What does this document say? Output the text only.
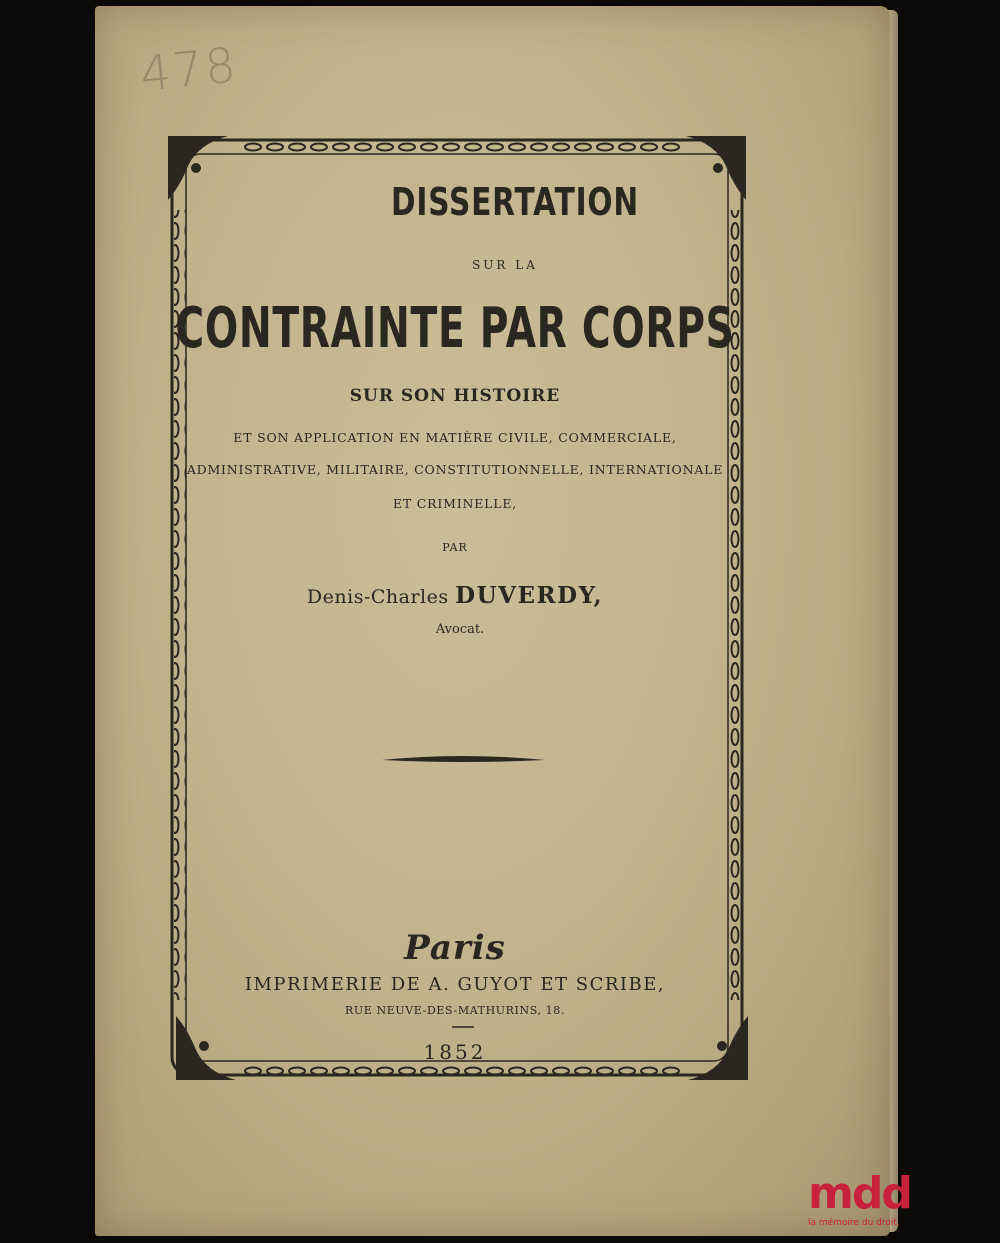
478
DISSERTATION
SUR LA
CONTRAINTE PAR CORPS
SUR SON HISTOIRE
ET SON APPLICATION EN MATIÈRE CIVILE, COMMERCIALE,
ADMINISTRATIVE, MILITAIRE, CONSTITUTIONNELLE, INTERNATIONALE
ET CRIMINELLE,
PAR
Denis-Charles DUVERDY,
Avocat.
Paris
IMPRIMERIE DE A. GUYOT ET SCRIBE,
RUE NEUVE-DES-MATHURINS, 18.
1852
mdd
la mémoire du droit.
